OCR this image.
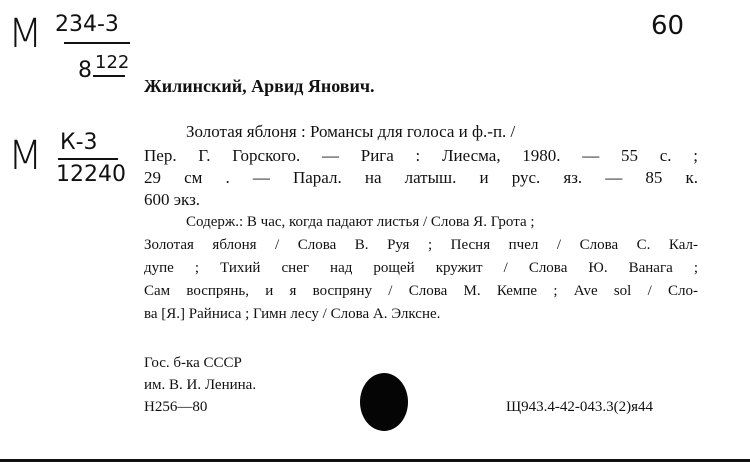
М 234-3
8 122
60
Жилинский, Арвид Янович.
М К-3
12240
Золотая яблоня : Романсы для голоса и ф.-п. /
Пер. Г. Горского. — Рига : Лиесма, 1980. — 55 с. ;
29 см . — Парал. на латыш. и рус. яз. — 85 к.
600 экз.
Содерж.: В час, когда падают листья / Слова Я. Грота ;
Золотая яблоня / Слова В. Руя ; Песня пчел / Слова С. Кал-
дупе ; Тихий снег над рощей кружит / Слова Ю. Ванага ;
Сам воспрянь, и я воспряну / Слова М. Кемпе ; Ave sol / Сло-
ва [Я.] Райниса ; Гимн лесу / Слова А. Элксне.
Гос. б-ка СССР
им. В. И. Ленина.
Н256—80	Щ943.4-42-043.3(2)я44
